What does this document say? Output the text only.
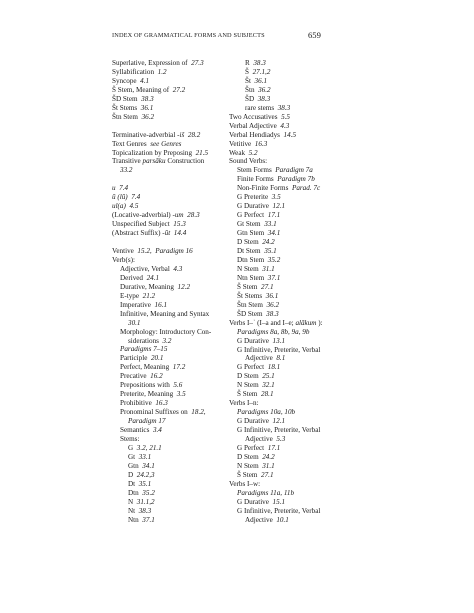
INDEX OF GRAMMATICAL FORMS AND SUBJECTS	659
Superlative, Expression of  27.3
Syllabification  1.2
Syncope  4.1
Š Stem, Meaning of  27.2
ŠD Stem  38.3
Št Stems  36.1
Štn Stem  36.2
Terminative-adverbial -iš  28.2
Text Genres  see Genres
Topicalization by Preposing  21.5
Transitive parsāku Construction
33.2
u  7.4
ū (lū)  7.4
ul(a)  4.5
(Locative-adverbial) -um  28.3
Unspecified Subject  15.3
(Abstract Suffix) -ūt  14.4
Ventive  15.2,  Paradigm 16
Verb(s):
Adjective, Verbal  4.3
Derived  24.1
Durative, Meaning  12.2
E-type  21.2
Imperative  16.1
Infinitive, Meaning and Syntax
30.1
Morphology: Introductory Con-
siderations  3.2
Paradigms 7–15
Participle  20.1
Perfect, Meaning  17.2
Precative  16.2
Prepositions with  5.6
Preterite, Meaning  3.5
Prohibitive  16.3
Pronominal Suffixes on  18.2,
Paradigm 17
Semantics  3.4
Stems:
G  3.2, 21.1
Gt  33.1
Gtn  34.1
D  24.2,3
Dt  35.1
Dtn  35.2
N  31.1,2
Nt  38.3
Ntn  37.1
R  38.3
Š  27.1,2
Št  36.1
Štn  36.2
ŠD  38.3
rare stems  38.3
Two Accusatives  5.5
Verbal Adjective  4.3
Verbal Hendiadys  14.5
Vetitive  16.3
Weak  5.2
Sound Verbs:
Stem Forms  Paradigm 7a
Finite Forms  Paradigm 7b
Non-Finite Forms  Parad. 7c
G Preterite  3.5
G Durative  12.1
G Perfect  17.1
Gt Stem  33.1
Gtn Stem  34.1
D Stem  24.2
Dt Stem  35.1
Dtn Stem  35.2
N Stem  31.1
Ntn Stem  37.1
Š Stem  27.1
Št Stems  36.1
Štn Stem  36.2
ŠD Stem  38.3
Verbs I–ʾ (I–a and I–e; alākum ):
Paradigms 8a, 8b, 9a, 9b
G Durative  13.1
G Infinitive, Preterite, Verbal
Adjective  8.1
G Perfect  18.1
D Stem  25.1
N Stem  32.1
Š Stem  28.1
Verbs I–n:
Paradigms 10a, 10b
G Durative  12.1
G Infinitive, Preterite, Verbal
Adjective  5.3
G Perfect  17.1
D Stem  24.2
N Stem  31.1
Š Stem  27.1
Verbs I–w:
Paradigms 11a, 11b
G Durative  15.1
G Infinitive, Preterite, Verbal
Adjective  10.1
